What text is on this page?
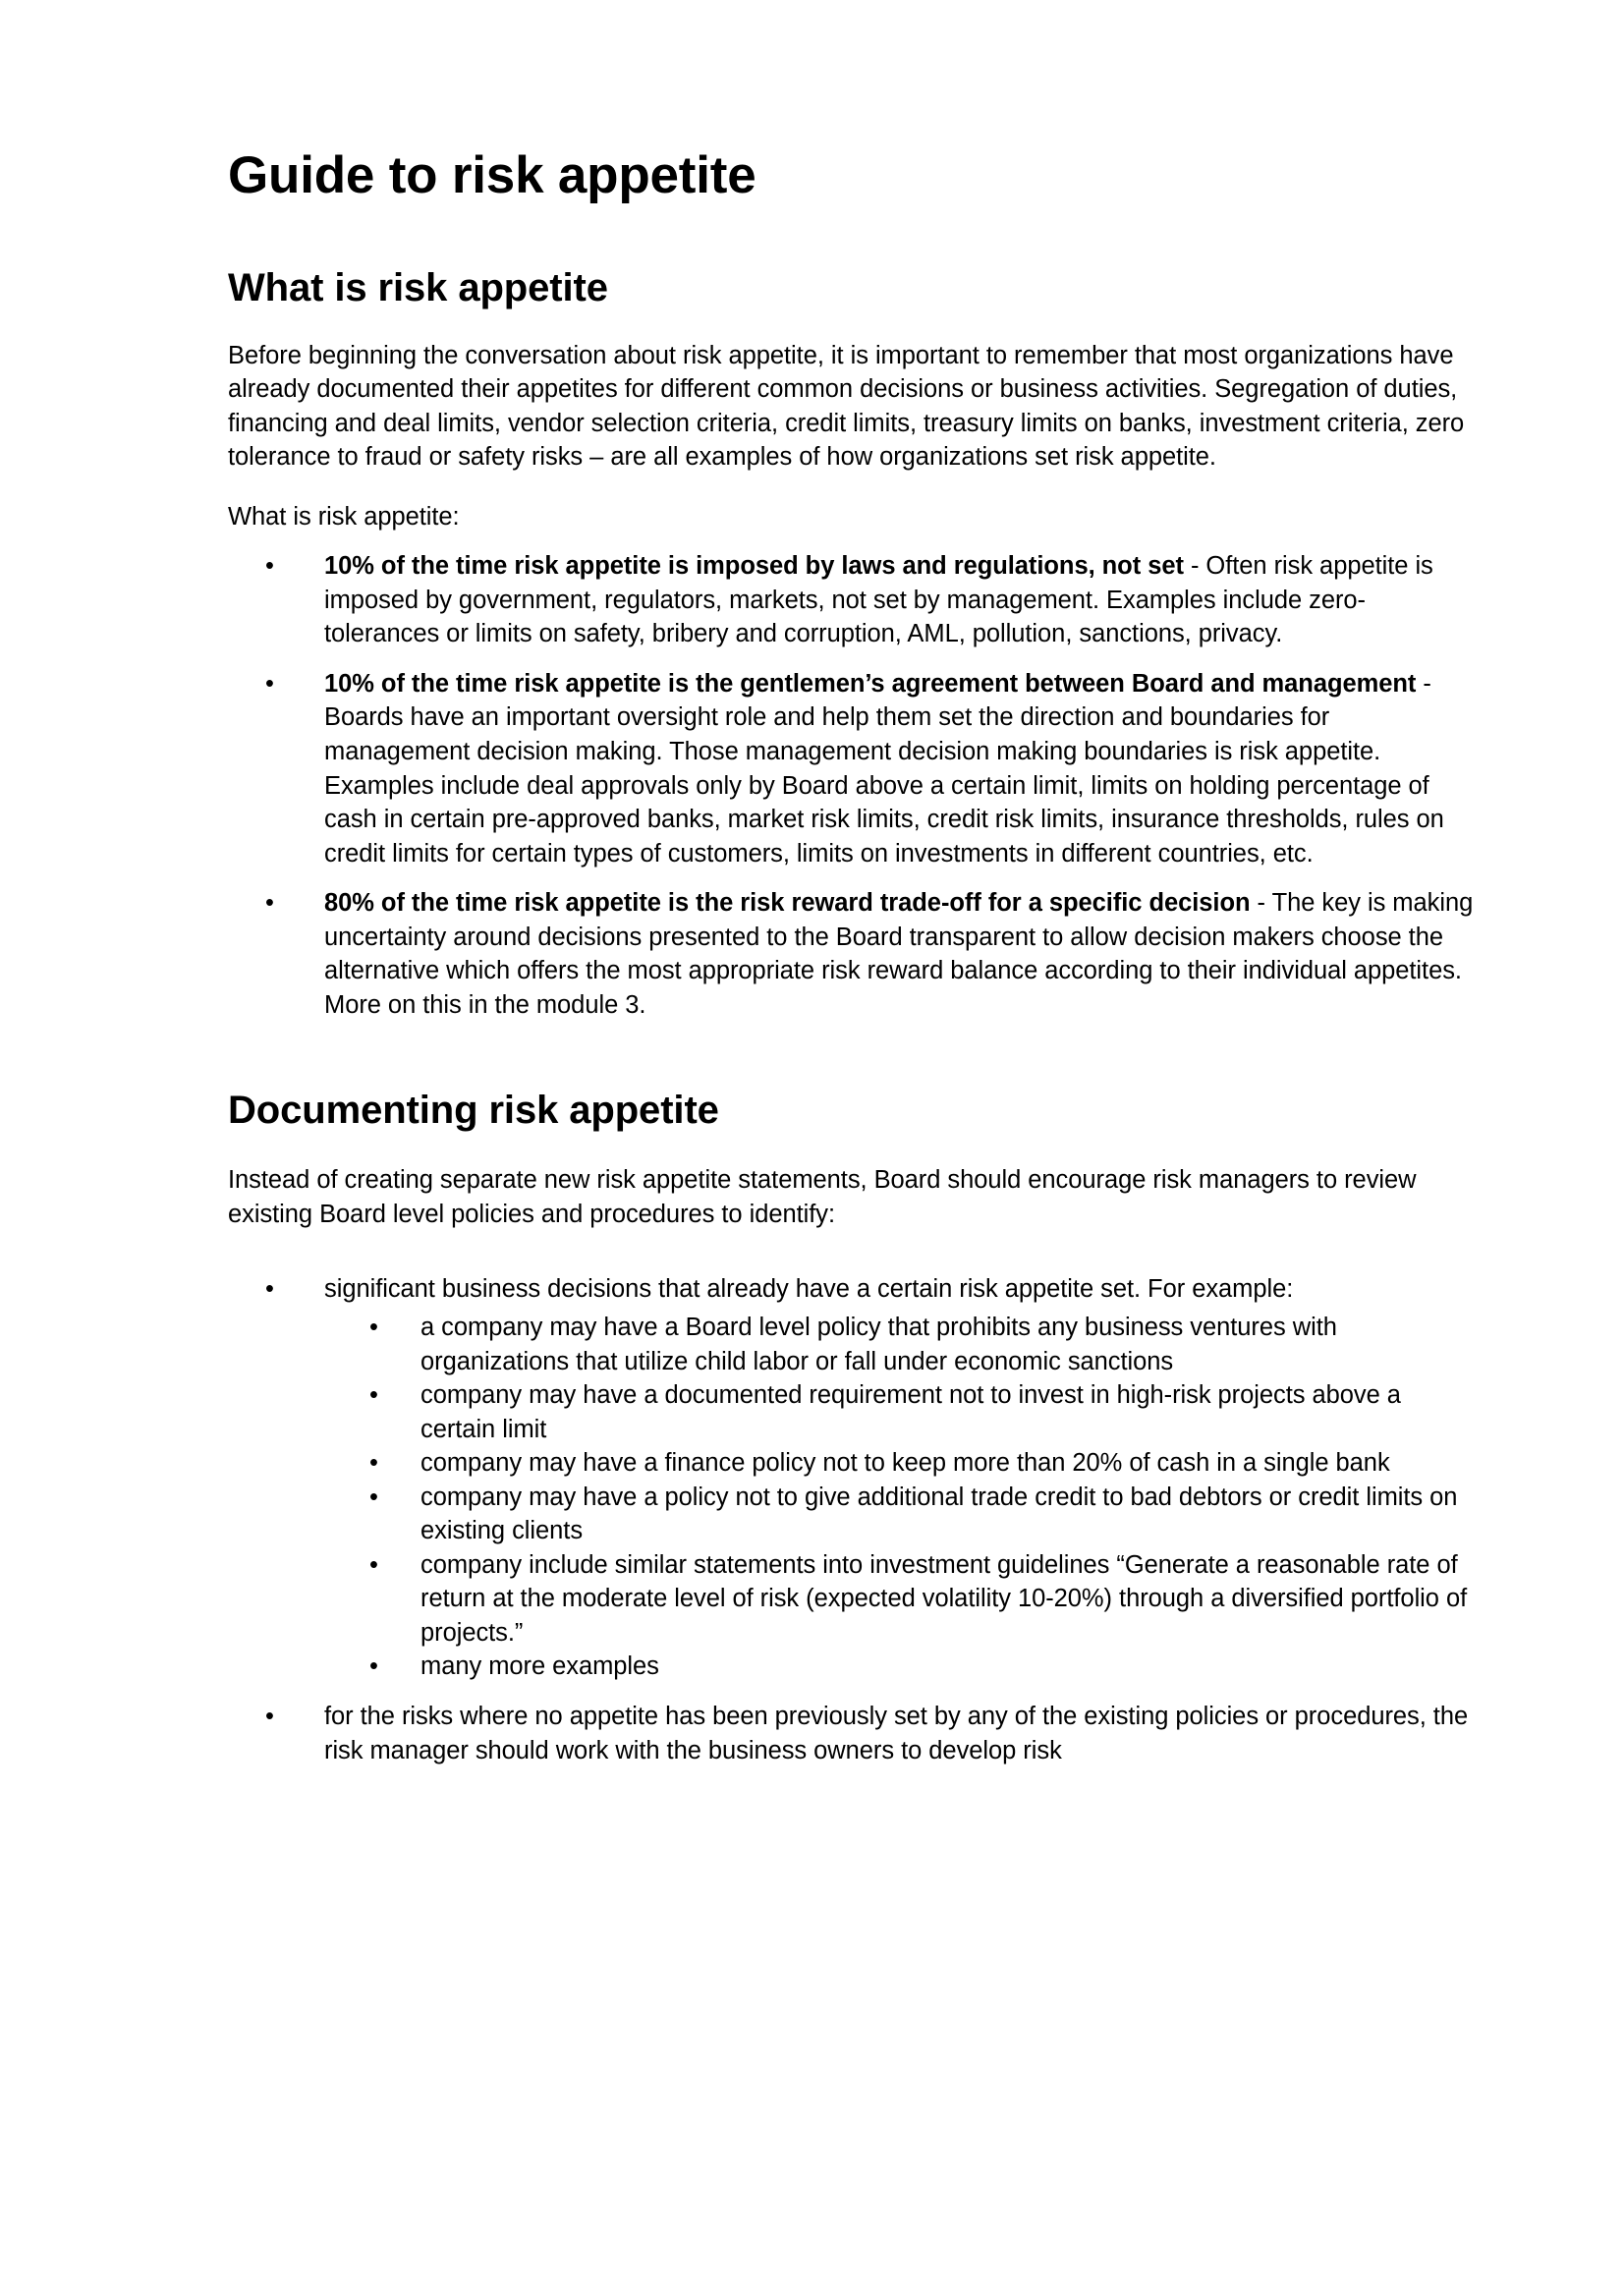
Guide to risk appetite
What is risk appetite

Before beginning the conversation about risk appetite, it is important to remember that most organizations have already documented their appetites for different common decisions or business activities. Segregation of duties, financing and deal limits, vendor selection criteria, credit limits, treasury limits on banks, investment criteria, zero tolerance to fraud or safety risks – are all examples of how organizations set risk appetite.

What is risk appetite:

• 10% of the time risk appetite is imposed by laws and regulations, not set - Often risk appetite is imposed by government, regulators, markets, not set by management. Examples include zero-tolerances or limits on safety, bribery and corruption, AML, pollution, sanctions, privacy.
• 10% of the time risk appetite is the gentlemen’s agreement between Board and management - Boards have an important oversight role and help them set the direction and boundaries for management decision making. Those management decision making boundaries is risk appetite. Examples include deal approvals only by Board above a certain limit, limits on holding percentage of cash in certain pre-approved banks, market risk limits, credit risk limits, insurance thresholds, rules on credit limits for certain types of customers, limits on investments in different countries, etc.
• 80% of the time risk appetite is the risk reward trade-off for a specific decision - The key is making uncertainty around decisions presented to the Board transparent to allow decision makers choose the alternative which offers the most appropriate risk reward balance according to their individual appetites. More on this in the module 3.
Documenting risk appetite

Instead of creating separate new risk appetite statements, Board should encourage risk managers to review existing Board level policies and procedures to identify:

• significant business decisions that already have a certain risk appetite set. For example:
• a company may have a Board level policy that prohibits any business ventures with organizations that utilize child labor or fall under economic sanctions
• company may have a documented requirement not to invest in high-risk projects above a certain limit
• company may have a finance policy not to keep more than 20% of cash in a single bank
• company may have a policy not to give additional trade credit to bad debtors or credit limits on existing clients
• company include similar statements into investment guidelines “Generate a reasonable rate of return at the moderate level of risk (expected volatility 10-20%) through a diversified portfolio of projects.”
• many more examples
• for the risks where no appetite has been previously set by any of the existing policies or procedures, the risk manager should work with the business owners to develop risk
